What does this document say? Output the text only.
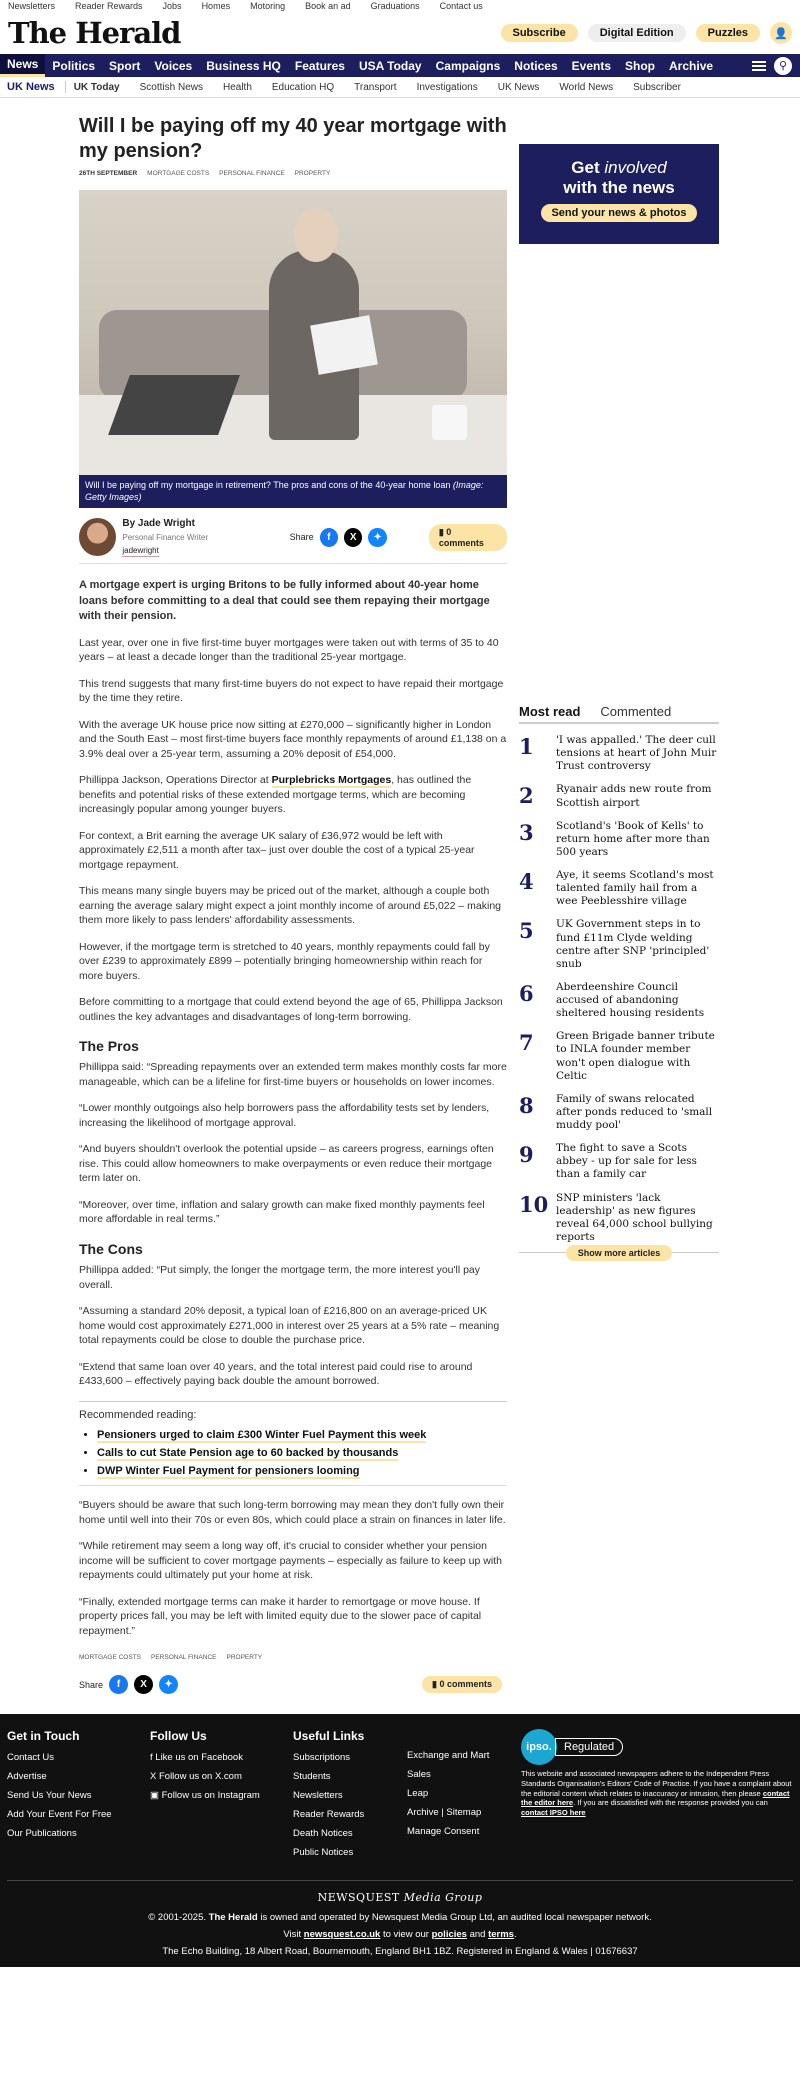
Newsletters Reader Rewards Jobs Homes Motoring Book an ad Graduations Contact us
The Herald	Subscribe	Digital Edition	Puzzles	👤
News	Politics	Sport	Voices	Business HQ	Features	USA Today	Campaigns	Notices	Events	Shop	Archive	⚲
UK News	UK Today Scottish News Health Education HQ Transport Investigations UK News World News Subscriber
Will I be paying off my 40 year mortgage with my pension?
26TH SEPTEMBER MORTGAGE COSTS PERSONAL FINANCE PROPERTY
Will I be paying off my mortgage in retirement? The pros and cons of the 40-year home loan (Image: Getty Images)
By Jade Wright
Personal Finance Writer
jadewright
Share	f	X	✦	▮ 0 comments

A mortgage expert is urging Britons to be fully informed about 40-year home loans before committing to a deal that could see them repaying their mortgage with their pension.

Last year, over one in five first-time buyer mortgages were taken out with terms of 35 to 40 years – at least a decade longer than the traditional 25-year mortgage.

This trend suggests that many first-time buyers do not expect to have repaid their mortgage by the time they retire.

With the average UK house price now sitting at £270,000 – significantly higher in London and the South East – most first-time buyers face monthly repayments of around £1,138 on a 3.9% deal over a 25-year term, assuming a 20% deposit of £54,000.

Phillippa Jackson, Operations Director at Purplebricks Mortgages, has outlined the benefits and potential risks of these extended mortgage terms, which are becoming increasingly popular among younger buyers.

For context, a Brit earning the average UK salary of £36,972 would be left with approximately £2,511 a month after tax– just over double the cost of a typical 25-year mortgage repayment.

This means many single buyers may be priced out of the market, although a couple both earning the average salary might expect a joint monthly income of around £5,022 – making them more likely to pass lenders' affordability assessments.

However, if the mortgage term is stretched to 40 years, monthly repayments could fall by over £239 to approximately £899 – potentially bringing homeownership within reach for more buyers.

Before committing to a mortgage that could extend beyond the age of 65, Phillippa Jackson outlines the key advantages and disadvantages of long-term borrowing.

The Pros

Phillippa said: “Spreading repayments over an extended term makes monthly costs far more manageable, which can be a lifeline for first-time buyers or households on lower incomes.

“Lower monthly outgoings also help borrowers pass the affordability tests set by lenders, increasing the likelihood of mortgage approval.

“And buyers shouldn't overlook the potential upside – as careers progress, earnings often rise. This could allow homeowners to make overpayments or even reduce their mortgage term later on.

“Moreover, over time, inflation and salary growth can make fixed monthly payments feel more affordable in real terms.”

The Cons

Phillippa added: “Put simply, the longer the mortgage term, the more interest you'll pay overall.

“Assuming a standard 20% deposit, a typical loan of £216,800 on an average-priced UK home would cost approximately £271,000 in interest over 25 years at a 5% rate – meaning total repayments could be close to double the purchase price.

“Extend that same loan over 40 years, and the total interest paid could rise to around £433,600 – effectively paying back double the amount borrowed.

Recommended reading:
• Pensioners urged to claim £300 Winter Fuel Payment this week
• Calls to cut State Pension age to 60 backed by thousands
• DWP Winter Fuel Payment for pensioners looming

“Buyers should be aware that such long-term borrowing may mean they don't fully own their home until well into their 70s or even 80s, which could place a strain on finances in later life.

“While retirement may seem a long way off, it's crucial to consider whether your pension income will be sufficient to cover mortgage payments – especially as failure to keep up with repayments could ultimately put your home at risk.

“Finally, extended mortgage terms can make it harder to remortgage or move house. If property prices fall, you may be left with limited equity due to the slower pace of capital repayment.”

MORTGAGE COSTS PERSONAL FINANCE PROPERTY
Share	f	X	✦	▮ 0 comments
Get involved
with the news
Send your news & photos
Most read Commented
1	'I was appalled.' The deer cull tensions at heart of John Muir Trust controversy
2	Ryanair adds new route from Scottish airport
3	Scotland's 'Book of Kells' to return home after more than 500 years
4	Aye, it seems Scotland's most talented family hail from a wee Peeblesshire village
5	UK Government steps in to fund £11m Clyde welding centre after SNP 'principled' snub
6	Aberdeenshire Council accused of abandoning sheltered housing residents
7	Green Brigade banner tribute to INLA founder member won't open dialogue with Celtic
8	Family of swans relocated after ponds reduced to 'small muddy pool'
9	The fight to save a Scots abbey - up for sale for less than a family car
10 SNP ministers 'lack leadership' as new figures reveal 64,000 school bullying reports
Show more articles
Get in Touch
Contact Us
Advertise
Send Us Your News
Add Your Event For Free
Our Publications
Follow Us
f Like us on Facebook
X Follow us on X.com
▣ Follow us on Instagram
Useful Links
Subscriptions
Students
Newsletters
Reader Rewards
Death Notices
Public Notices
Exchange and Mart
Sales
Leap
Archive | Sitemap
Manage Consent
ipso.	Regulated
This website and associated newspapers adhere to the Independent Press Standards Organisation's Editors' Code of Practice. If you have a complaint about the editorial content which relates to inaccuracy or intrusion, then please contact the editor here. If you are dissatisfied with the response provided you can contact IPSO here
NEWSQUEST Media Group
© 2001-2025. The Herald is owned and operated by Newsquest Media Group Ltd, an audited local newspaper network.
Visit newsquest.co.uk to view our policies and terms.
The Echo Building, 18 Albert Road, Bournemouth, England BH1 1BZ. Registered in England & Wales | 01676637
